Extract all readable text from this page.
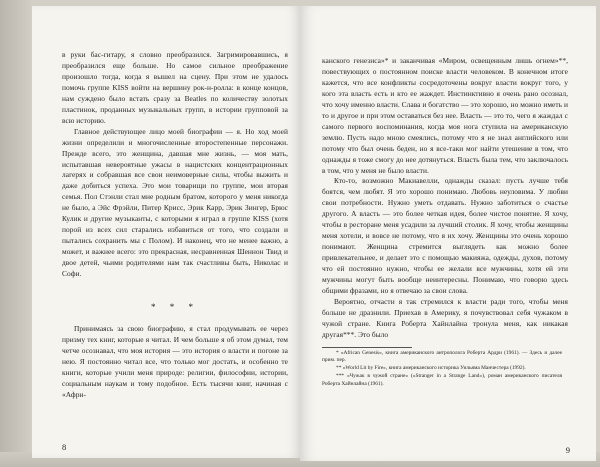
в руки бас-гитару, я словно преобразился. Загримировавшись, я преобразился еще больше. Но самое сильное преображение произошло тогда, когда я вышел на сцену. При этом не удалось помочь группе KISS войти на вершину рок-н-ролла: в конце концов, нам суждено было встать сразу за Beatles по количеству золотых пластинок, проданных музыкальных групп, в истории групповой за всю историю.

Главное действующее лицо моей биографии — я. Но ход моей жизни определили и многочисленные второстепенные персонажи. Прежде всего, это женщина, давшая мне жизнь, — моя мать, испытавшая невероятные ужасы в нацистских концентрационных лагерях и собравшая все свои неимоверные силы, чтобы выжить и даже добиться успеха. Это мои товарищи по группе, мои вторая семья. Пол Стэнли стал мне родным братом, которого у меня никогда не было, а Эйс Фрэйли, Питер Крисс, Эрик Карр, Эрик Зингер, Брюс Кулик и другие музыканты, с которыми я играл в группе KISS (хотя порой из всех сил старались избавиться от того, что создали и пытались сохранить мы с Полом). И наконец, что не менее важно, а может, и важнее всего: это прекрасная, несравненная Шеннон Твид и двое детей, чьими родителями нам так счастливы быть, Николас и Софи.

* * *

Принимаясь за свою биографию, я стал продумывать ее через призму тех книг, которые я читал. И чем больше я об этом думал, тем четче осознавал, что моя история — это история о власти и погоне за нею. Я постоянно читал все, что только мог достать, и особенно те книги, которые учили меня природе: религии, философии, истории, социальным наукам и тому подобное. Есть тысячи книг, начиная с «Афри-

8

канского генезиса»* и заканчивая «Миром, освещенным лишь огнем»**, повествующих о постоянном поиске власти человеком. В конечном итоге кажется, что все конфликты сосредоточены вокруг власти вокруг того, у кого эта власть есть и кто ее жаждет. Инстинктивно я очень рано осознал, что хочу именно власти. Слава и богатство — это хорошо, но можно иметь и то и другое и при этом оставаться без нее. Власть — это то, чего я жаждал с самого первого воспоминания, когда моя нога ступила на американскую землю. Пусть надо мною смеялись, потому что я не знал английского или потому что был очень беден, но я все-таки мог найти утешение в том, что однажды я тоже смогу до нее дотянуться. Власть была тем, что заключалось в том, что у меня не было власти.

Кто-то, возможно Макиавелли, однажды сказал: пусть лучше тебя боятся, чем любят. Я это хорошо понимаю. Любовь неуловима. У любви свои потребности. Нужно уметь отдавать. Нужно заботиться о счастье другого. А власть — это более четкая идея, более чистое понятие. Я хочу, чтобы в ресторане меня усадили за лучший столик. Я хочу, чтобы женщины меня хотели, и вовсе не потому, что я их хочу. Женщины это очень хорошо понимают. Женщина стремится выглядеть как можно более привлекательнее, и делает это с помощью макияжа, одежды, духов, потому что ей постоянно нужно, чтобы ее желали все мужчины, хотя ей эти мужчины могут быть вообще неинтересны. Понимаю, что говорю здесь общими фразами, но я отвечаю за свои слова.

Вероятно, отчасти я так стремился к власти ради того, чтобы меня больше не дразнили. Приехав в Америку, я почувствовал себя чужаком в чужой стране. Книга Роберта Хайнлайна тронула меня, как никакая другая***. Это было

* «African Genesis», книга американского антрополога Роберта Ардри (1961). — Здесь и далее прим. пер.

** «World Lit by Fire», книга американского историка Уильяма Манчестера (1992).

*** «Чужак в чужой стране» («Stranger in a Strange Land»), роман американского писателя Роберта Хайнлайна (1961).

9
